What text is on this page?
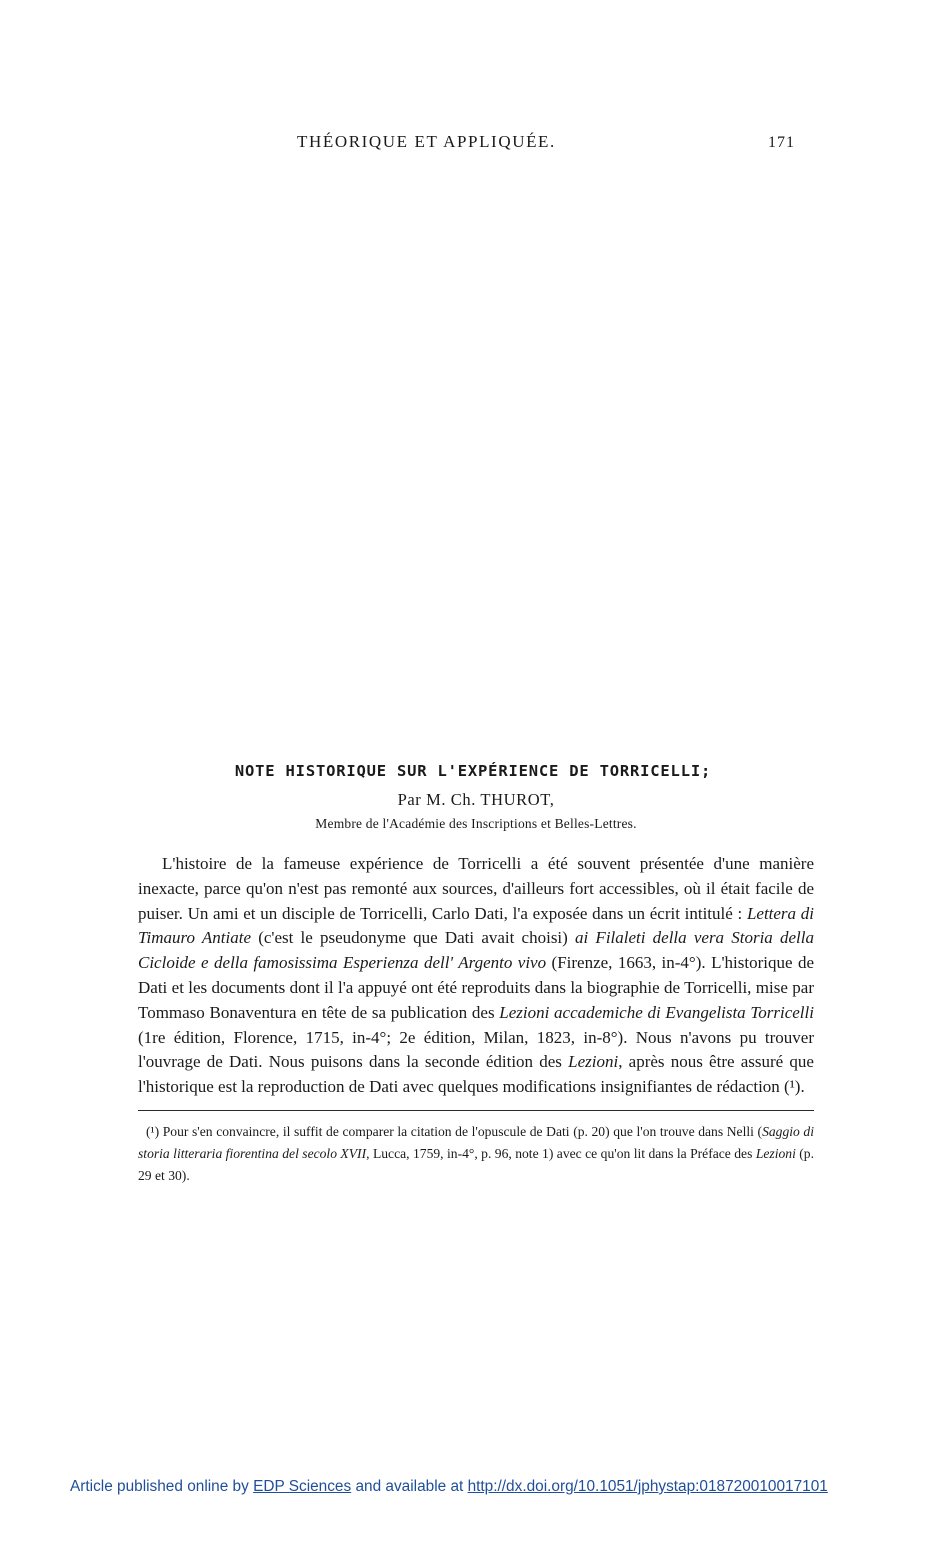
THÉORIQUE ET APPLIQUÉE.	171
NOTE HISTORIQUE SUR L'EXPÉRIENCE DE TORRICELLI;
Par M. Ch. THUROT,
Membre de l'Académie des Inscriptions et Belles-Lettres.

L'histoire de la fameuse expérience de Torricelli a été souvent présentée d'une manière inexacte, parce qu'on n'est pas remonté aux sources, d'ailleurs fort accessibles, où il était facile de puiser. Un ami et un disciple de Torricelli, Carlo Dati, l'a exposée dans un écrit intitulé : Lettera di Timauro Antiate (c'est le pseudonyme que Dati avait choisi) ai Filaleti della vera Storia della Cicloide e della famosissima Esperienza dell' Argento vivo (Firenze, 1663, in-4°). L'historique de Dati et les documents dont il l'a appuyé ont été reproduits dans la biographie de Torricelli, mise par Tommaso Bonaventura en tête de sa publication des Lezioni accademiche di Evangelista Torricelli (1re édition, Florence, 1715, in-4°; 2e édition, Milan, 1823, in-8°). Nous n'avons pu trouver l'ouvrage de Dati. Nous puisons dans la seconde édition des Lezioni, après nous être assuré que l'historique est la reproduction de Dati avec quelques modifications insignifiantes de rédaction (¹).

(¹) Pour s'en convaincre, il suffit de comparer la citation de l'opuscule de Dati (p. 20) que l'on trouve dans Nelli (Saggio di storia litteraria fiorentina del secolo XVII, Lucca, 1759, in-4°, p. 96, note 1) avec ce qu'on lit dans la Préface des Lezioni (p. 29 et 30).

Article published online by EDP Sciences and available at http://dx.doi.org/10.1051/jphystap:018720010017101
